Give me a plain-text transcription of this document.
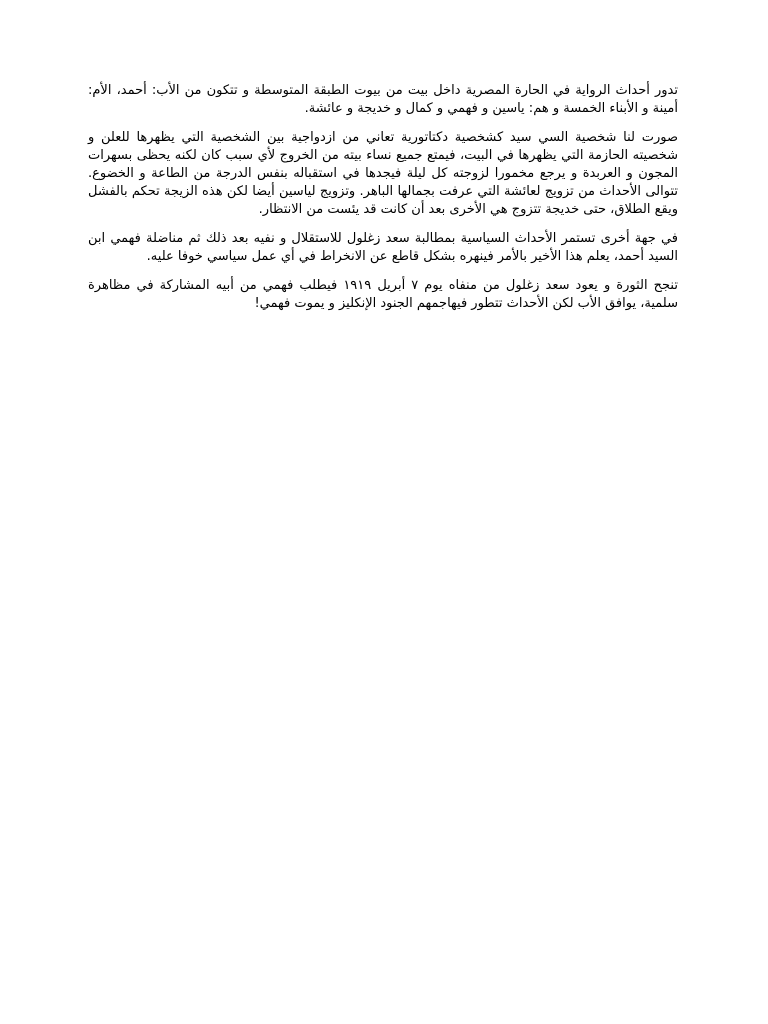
تدور أحداث الرواية في الحارة المصرية داخل بيت من بيوت الطبقة المتوسطة و تتكون من الأب: أحمد، الأم: أمينة و الأبناء الخمسة و هم: ياسين و فهمي و كمال و خديجة و عائشة.

صورت لنا شخصية السي سيد كشخصية دكتاتورية تعاني من ازدواجية بين الشخصية التي يظهرها للعلن و شخصيته الحازمة التي يظهرها في البيت، فيمتع جميع نساء بيته من الخروج لأي سبب كان لكنه يحظى بسهرات المجون و العربدة و يرجع مخمورا لزوجته كل ليلة فيجدها في استقباله بنفس الدرجة من الطاعة و الخضوع. تتوالى الأحداث من تزويج لعائشة التي عرفت بجمالها الباهر. وتزويج لياسين أيضا لكن هذه الزيجة تحكم بالفشل ويقع الطلاق، حتى خديجة تتزوج هي الأخرى بعد أن كانت قد يئست من الانتظار.

في جهة أخرى تستمر الأحداث السياسية بمطالبة سعد زغلول للاستقلال و نفيه بعد ذلك ثم مناضلة فهمي ابن السيد أحمد، يعلم هذا الأخير بالأمر فينهره بشكل قاطع عن الانخراط في أي عمل سياسي خوفا عليه.

تنجح الثورة و يعود سعد زغلول من منفاه يوم ٧ أبريل ١٩١٩ فيطلب فهمي من أبيه المشاركة في مظاهرة سلمية، يوافق الأب لكن الأحداث تتطور فيهاجمهم الجنود الإنكليز و يموت فهمي!
